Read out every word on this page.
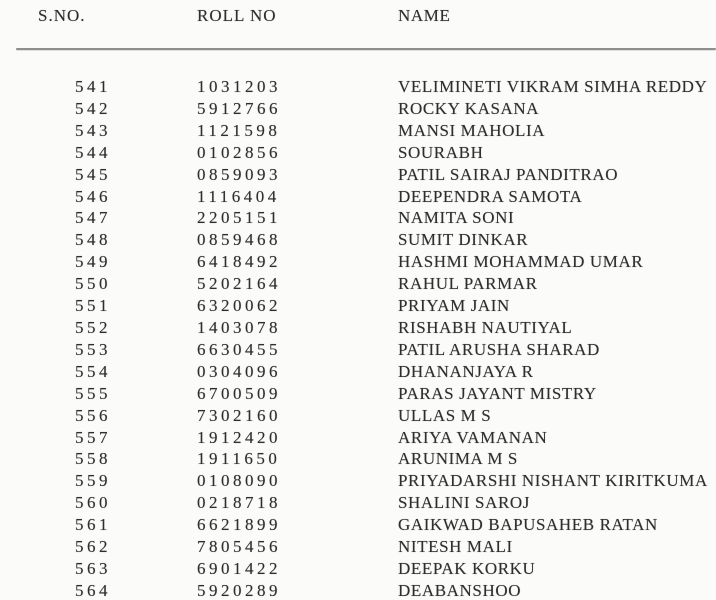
S.NO.	ROLL NO	NAME
541	1031203	VELIMINETI VIKRAM SIMHA REDDY
542	5912766	ROCKY KASANA
543	1121598	MANSI MAHOLIA
544	0102856	SOURABH
545	0859093	PATIL SAIRAJ PANDITRAO
546	1116404	DEEPENDRA SAMOTA
547	2205151	NAMITA SONI
548	0859468	SUMIT DINKAR
549	6418492	HASHMI MOHAMMAD UMAR
550	5202164	RAHUL PARMAR
551	6320062	PRIYAM JAIN
552	1403078	RISHABH NAUTIYAL
553	6630455	PATIL ARUSHA SHARAD
554	0304096	DHANANJAYA R
555	6700509	PARAS JAYANT MISTRY
556	7302160	ULLAS M S
557	1912420	ARIYA VAMANAN
558	1911650	ARUNIMA M S
559	0108090	PRIYADARSHI NISHANT KIRITKUMA
560	0218718	SHALINI SAROJ
561	6621899	GAIKWAD BAPUSAHEB RATAN
562	7805456	NITESH MALI
563	6901422	DEEPAK KORKU
564	5920289	DEABANSHOO
